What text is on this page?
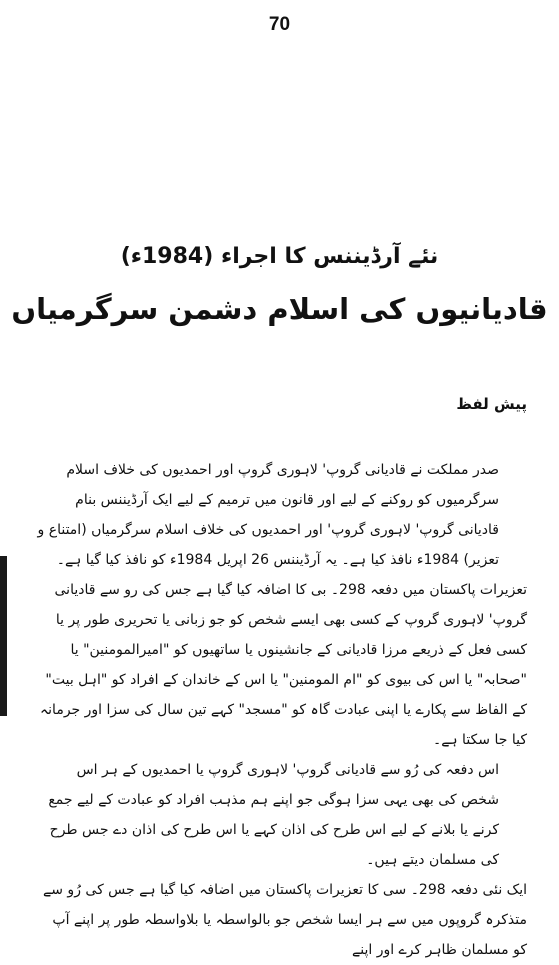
70
نئے آرڈیننس کا اجراء (1984ء)
قادیانیوں کی اسلام دشمن سرگرمیاں
پیش لفظ

صدر مملکت نے قادیانی گروپ' لاہوری گروپ اور احمدیوں کی خلاف اسلام سرگرمیوں کو روکنے کے لیے اور قانون میں ترمیم کے لیے ایک آرڈیننس بنام قادیانی گروپ' لاہوری گروپ' اور احمدیوں کی خلاف اسلام سرگرمیاں (امتناع و تعزیر) 1984ء نافذ کیا ہے۔ یہ آرڈیننس 26 اپریل 1984ء کو نافذ کیا گیا ہے۔

تعزیرات پاکستان میں دفعہ 298۔ بی کا اضافہ کیا گیا ہے جس کی رو سے قادیانی گروپ' لاہوری گروپ کے کسی بھی ایسے شخص کو جو زبانی یا تحریری طور پر یا کسی فعل کے ذریعے مرزا قادیانی کے جانشینوں یا ساتھیوں کو "امیرالمومنین" یا "صحابہ" یا اس کی بیوی کو "ام المومنین" یا اس کے خاندان کے افراد کو "اہل بیت" کے الفاظ سے پکارے یا اپنی عبادت گاہ کو "مسجد" کہے تین سال کی سزا اور جرمانہ کیا جا سکتا ہے۔

اس دفعہ کی رُو سے قادیانی گروپ' لاہوری گروپ یا احمدیوں کے ہر اس شخص کی بھی یہی سزا ہوگی جو اپنے ہم مذہب افراد کو عبادت کے لیے جمع کرنے یا بلانے کے لیے اس طرح کی اذان کہے یا اس طرح کی اذان دے جس طرح کی مسلمان دیتے ہیں۔

ایک نئی دفعہ 298۔ سی کا تعزیرات پاکستان میں اضافہ کیا گیا ہے جس کی رُو سے متذکرہ گروپوں میں سے ہر ایسا شخص جو بالواسطہ یا بلاواسطہ طور پر اپنے آپ کو مسلمان ظاہر کرے اور اپنے
